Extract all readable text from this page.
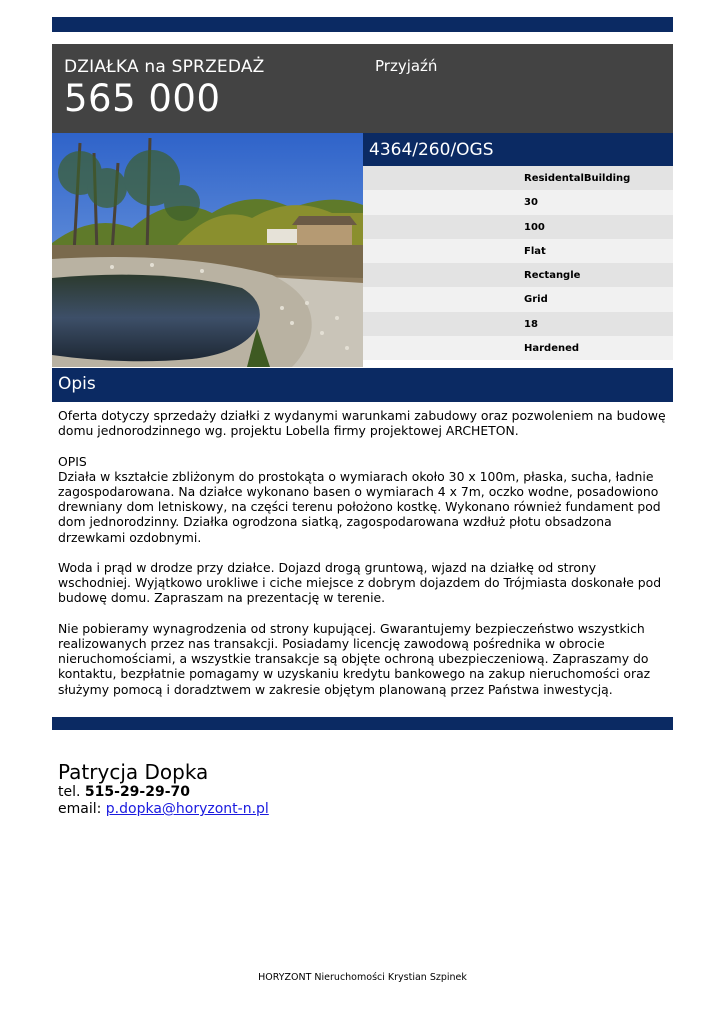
DZIAŁKA na SPRZEDAŻ
565 000
Przyjaźń
4364/260/OGS
ResidentalBuilding
30
100
Flat
Rectangle
Grid
18
Hardened
Opis

Oferta dotyczy sprzedaży działki z wydanymi warunkami zabudowy oraz pozwoleniem na budowę domu jednorodzinnego wg. projektu Lobella firmy projektowej ARCHETON.

OPIS
Działa w kształcie zbliżonym do prostokąta o wymiarach około 30 x 100m, płaska, sucha, ładnie zagospodarowana. Na działce wykonano basen o wymiarach 4 x 7m, oczko wodne, posadowiono drewniany dom letniskowy, na części terenu położono kostkę. Wykonano również fundament pod dom jednorodzinny. Działka ogrodzona siatką, zagospodarowana wzdłuż płotu obsadzona drzewkami ozdobnymi.

Woda i prąd w drodze przy działce. Dojazd drogą gruntową, wjazd na działkę od strony wschodniej. Wyjątkowo urokliwe i ciche miejsce z dobrym dojazdem do Trójmiasta doskonałe pod budowę domu. Zapraszam na prezentację w terenie.

Nie pobieramy wynagrodzenia od strony kupującej. Gwarantujemy bezpieczeństwo wszystkich realizowanych przez nas transakcji. Posiadamy licencję zawodową pośrednika w obrocie nieruchomościami, a wszystkie transakcje są objęte ochroną ubezpieczeniową. Zapraszamy do kontaktu, bezpłatnie pomagamy w uzyskaniu kredytu bankowego na zakup nieruchomości oraz służymy pomocą i doradztwem w zakresie objętym planowaną przez Państwa inwestycją.

Patrycja Dopka
tel. 515-29-29-70
email: p.dopka@horyzont-n.pl
HORYZONT Nieruchomości Krystian Szpinek
